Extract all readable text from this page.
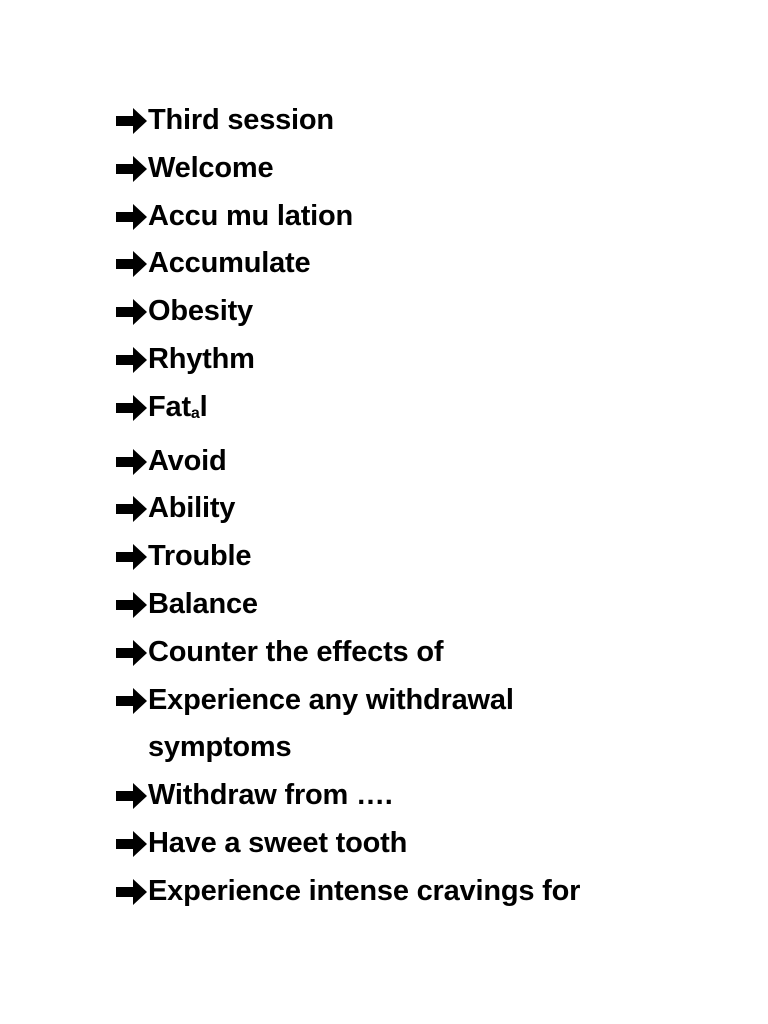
Third session
Welcome
Accu mu lation
Accumulate
Obesity
Rhythm
Fatal
Avoid
Ability
Trouble
Balance
Counter the effects of
Experience any withdrawal symptoms
Withdraw from ….
Have a sweet tooth
Experience intense cravings for
